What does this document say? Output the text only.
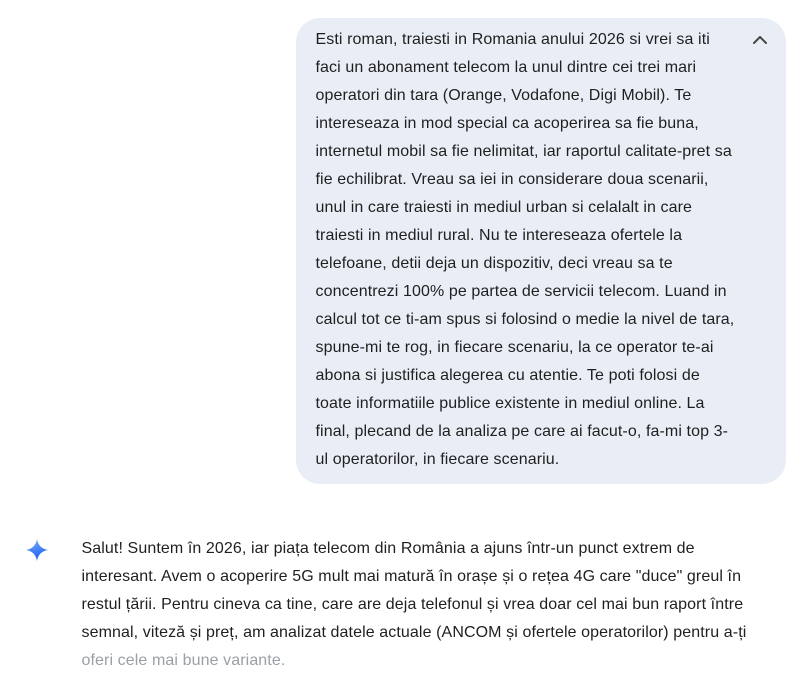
Esti roman, traiesti in Romania anului 2026 si vrei sa iti faci un abonament telecom la unul dintre cei trei mari operatori din tara (Orange, Vodafone, Digi Mobil). Te intereseaza in mod special ca acoperirea sa fie buna, internetul mobil sa fie nelimitat, iar raportul calitate-pret sa fie echilibrat. Vreau sa iei in considerare doua scenarii, unul in care traiesti in mediul urban si celalalt in care traiesti in mediul rural. Nu te intereseaza ofertele la telefoane, detii deja un dispozitiv, deci vreau sa te concentrezi 100% pe partea de servicii telecom. Luand in calcul tot ce ti-am spus si folosind o medie la nivel de tara, spune-mi te rog, in fiecare scenariu, la ce operator te-ai abona si justifica alegerea cu atentie. Te poti folosi de toate informatiile publice existente in mediul online. La final, plecand de la analiza pe care ai facut-o, fa-mi top 3-ul operatorilor, in fiecare scenariu.

Salut! Suntem în 2026, iar piața telecom din România a ajuns într-un punct extrem de interesant. Avem o acoperire 5G mult mai matură în orașe și o rețea 4G care "duce" greul în restul țării. Pentru cineva ca tine, care are deja telefonul și vrea doar cel mai bun raport între semnal, viteză și preț, am analizat datele actuale (ANCOM și ofertele operatorilor) pentru a-ți oferi cele mai bune variante.
